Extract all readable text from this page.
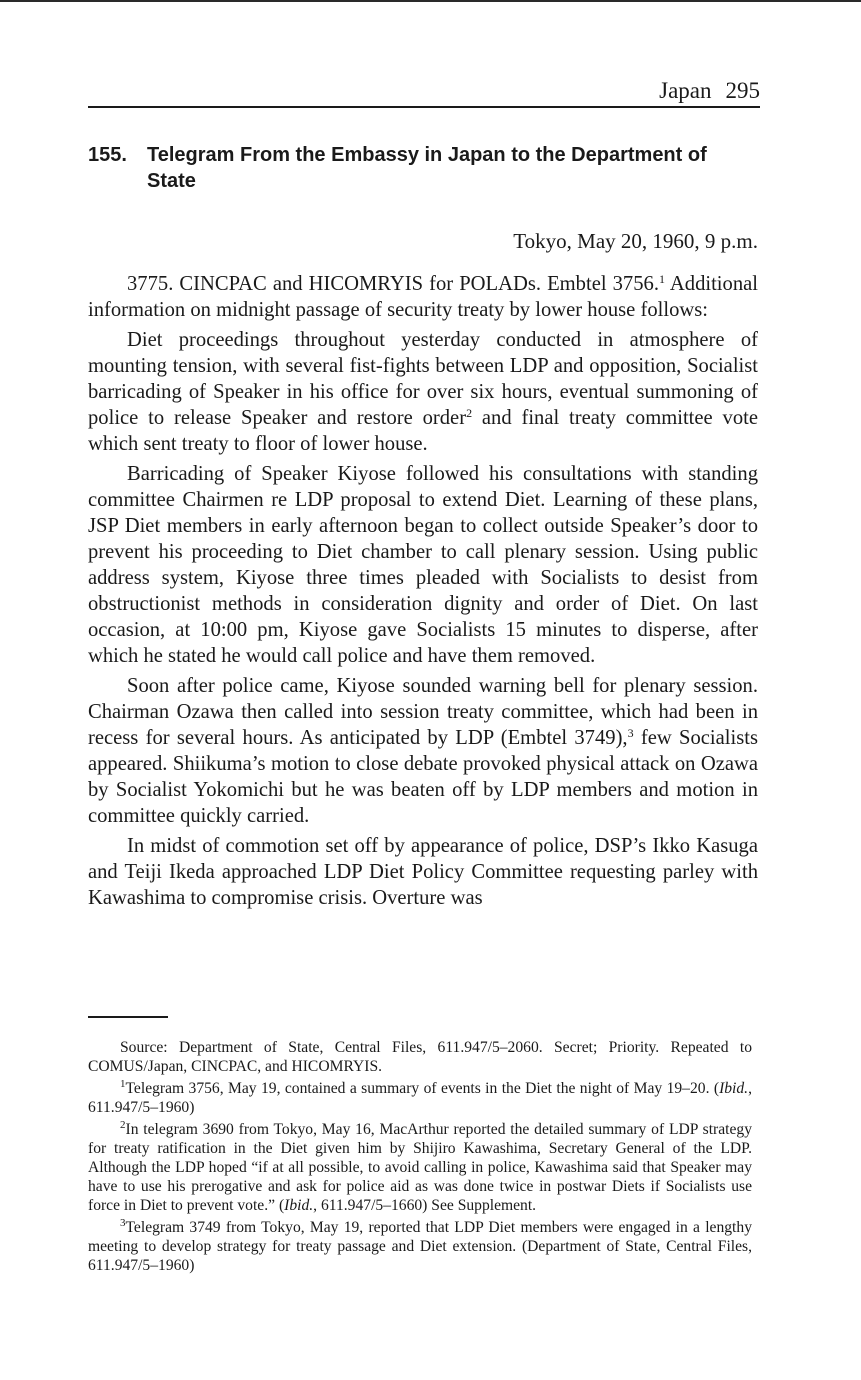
Japan 295
155.	Telegram From the Embassy in Japan to the Department of State
Tokyo, May 20, 1960, 9 p.m.

3775. CINCPAC and HICOMRYIS for POLADs. Embtel 3756.$^1$ Additional information on midnight passage of security treaty by lower house follows:

Diet proceedings throughout yesterday conducted in atmosphere of mounting tension, with several fist-fights between LDP and opposition, Socialist barricading of Speaker in his office for over six hours, eventual summoning of police to release Speaker and restore order$^2$ and final treaty committee vote which sent treaty to floor of lower house.

Barricading of Speaker Kiyose followed his consultations with standing committee Chairmen re LDP proposal to extend Diet. Learning of these plans, JSP Diet members in early afternoon began to collect outside Speaker’s door to prevent his proceeding to Diet chamber to call plenary session. Using public address system, Kiyose three times pleaded with Socialists to desist from obstructionist methods in consideration dignity and order of Diet. On last occasion, at 10:00 pm, Kiyose gave Socialists 15 minutes to disperse, after which he stated he would call police and have them removed.

Soon after police came, Kiyose sounded warning bell for plenary session. Chairman Ozawa then called into session treaty committee, which had been in recess for several hours. As anticipated by LDP (Embtel 3749),$^3$ few Socialists appeared. Shiikuma’s motion to close debate provoked physical attack on Ozawa by Socialist Yokomichi but he was beaten off by LDP members and motion in committee quickly carried.

In midst of commotion set off by appearance of police, DSP’s Ikko Kasuga and Teiji Ikeda approached LDP Diet Policy Committee requesting parley with Kawashima to compromise crisis. Overture was

Source: Department of State, Central Files, 611.947/5–2060. Secret; Priority. Repeated to COMUS/Japan, CINCPAC, and HICOMRYIS.

$^1$Telegram 3756, May 19, contained a summary of events in the Diet the night of May 19–20. (Ibid., 611.947/5–1960)

$^2$In telegram 3690 from Tokyo, May 16, MacArthur reported the detailed summary of LDP strategy for treaty ratification in the Diet given him by Shijiro Kawashima, Secretary General of the LDP. Although the LDP hoped “if at all possible, to avoid calling in police, Kawashima said that Speaker may have to use his prerogative and ask for police aid as was done twice in postwar Diets if Socialists use force in Diet to prevent vote.” (Ibid., 611.947/5–1660) See Supplement.

$^3$Telegram 3749 from Tokyo, May 19, reported that LDP Diet members were engaged in a lengthy meeting to develop strategy for treaty passage and Diet extension. (Department of State, Central Files, 611.947/5–1960)
